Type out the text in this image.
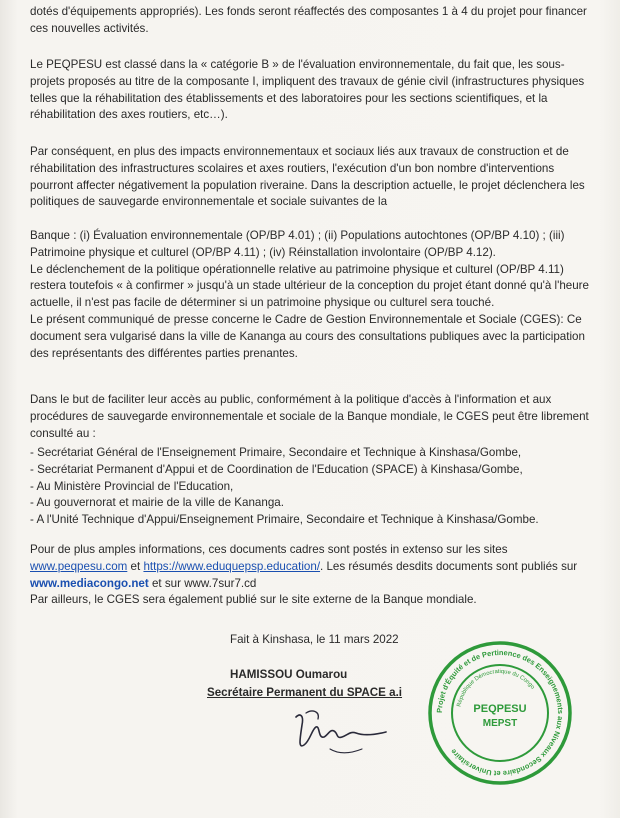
dotés d'équipements appropriés). Les fonds seront réaffectés des composantes 1 à 4 du projet pour financer
ces nouvelles activités.
Le PEQPESU est classé dans la « catégorie B » de l'évaluation environnementale, du fait que, les sous-
projets proposés au titre de la composante I, impliquent des travaux de génie civil (infrastructures physiques
telles que la réhabilitation des établissements et des laboratoires pour les sections scientifiques, et la
réhabilitation des axes routiers, etc…).
Par conséquent, en plus des impacts environnementaux et sociaux liés aux travaux de construction et de
réhabilitation des infrastructures scolaires et axes routiers, l'exécution d'un bon nombre d'interventions
pourront affecter négativement la population riveraine. Dans la description actuelle, le projet déclenchera les
politiques de sauvegarde environnementale et sociale suivantes de la
Banque : (i) Évaluation environnementale (OP/BP 4.01) ; (ii) Populations autochtones (OP/BP 4.10) ; (iii)
Patrimoine physique et culturel (OP/BP 4.11) ; (iv) Réinstallation involontaire (OP/BP 4.12).
Le déclenchement de la politique opérationnelle relative au patrimoine physique et culturel (OP/BP 4.11)
restera toutefois « à confirmer » jusqu'à un stade ultérieur de la conception du projet étant donné qu'à l'heure
actuelle, il n'est pas facile de déterminer si un patrimoine physique ou culturel sera touché.
Le présent communiqué de presse concerne le Cadre de Gestion Environnementale et Sociale (CGES): Ce
document sera vulgarisé dans la ville de Kananga au cours des consultations publiques avec la participation
des représentants des différentes parties prenantes.
Dans le but de faciliter leur accès au public, conformément à la politique d'accès à l'information et aux
procédures de sauvegarde environnementale et sociale de la Banque mondiale, le CGES peut être librement
consulté au :
- Secrétariat Général de l'Enseignement Primaire, Secondaire et Technique à Kinshasa/Gombe,
- Secrétariat Permanent d'Appui et de Coordination de l'Education (SPACE) à Kinshasa/Gombe,
- Au Ministère Provincial de l'Education,
- Au gouvernorat et mairie de la ville de Kananga.
- A l'Unité Technique d'Appui/Enseignement Primaire, Secondaire et Technique à Kinshasa/Gombe.
Pour de plus amples informations, ces documents cadres sont postés in extenso sur les sites
www.peqpesu.com et https://www.eduquepsp.education/. Les résumés desdits documents sont publiés sur
www.mediacongo.net et sur www.7sur7.cd
Par ailleurs, le CGES sera également publié sur le site externe de la Banque mondiale.
Fait à Kinshasa, le 11 mars 2022
HAMISSOU Oumarou
Secrétaire Permanent du SPACE a.i
Projet d'Équité et de Pertinence des Enseignements aux Niveaux Secondaire et Universitaire
République Démocratique du Congo
PEQPESU
MEPST
